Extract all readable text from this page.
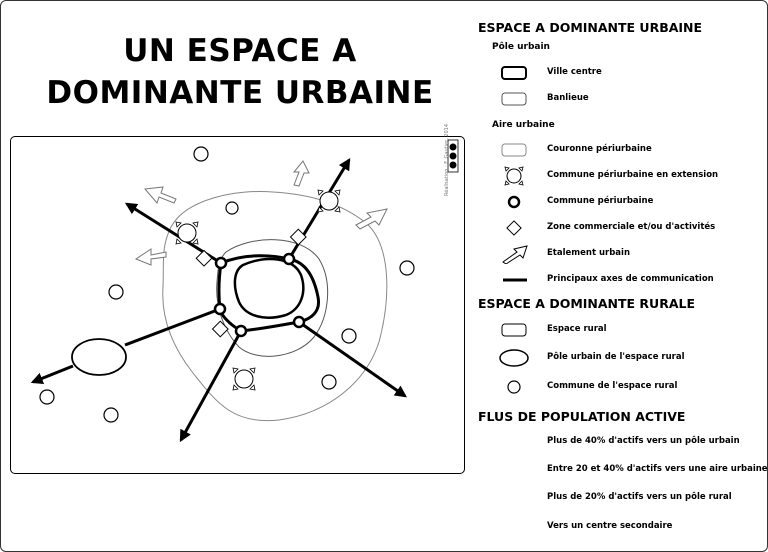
UN ESPACE A DOMINANTE URBAINE
Réalisation : F. Gautier, 2014
ESPACE A DOMINANTE URBAINE
Pôle urbain
Ville centre
Banlieue
Aire urbaine
Couronne périurbaine
Commune périurbaine en extension
Commune périurbaine
Zone commerciale et/ou d'activités
Etalement urbain
Principaux axes de communication
ESPACE A DOMINANTE RURALE
Espace rural
Pôle urbain de l'espace rural
Commune de l'espace rural
FLUS DE POPULATION ACTIVE
Plus de 40% d'actifs vers un pôle urbain
Entre 20 et 40% d'actifs vers une aire urbaine
Plus de 20% d'actifs vers un pôle rural
Vers un centre secondaire
